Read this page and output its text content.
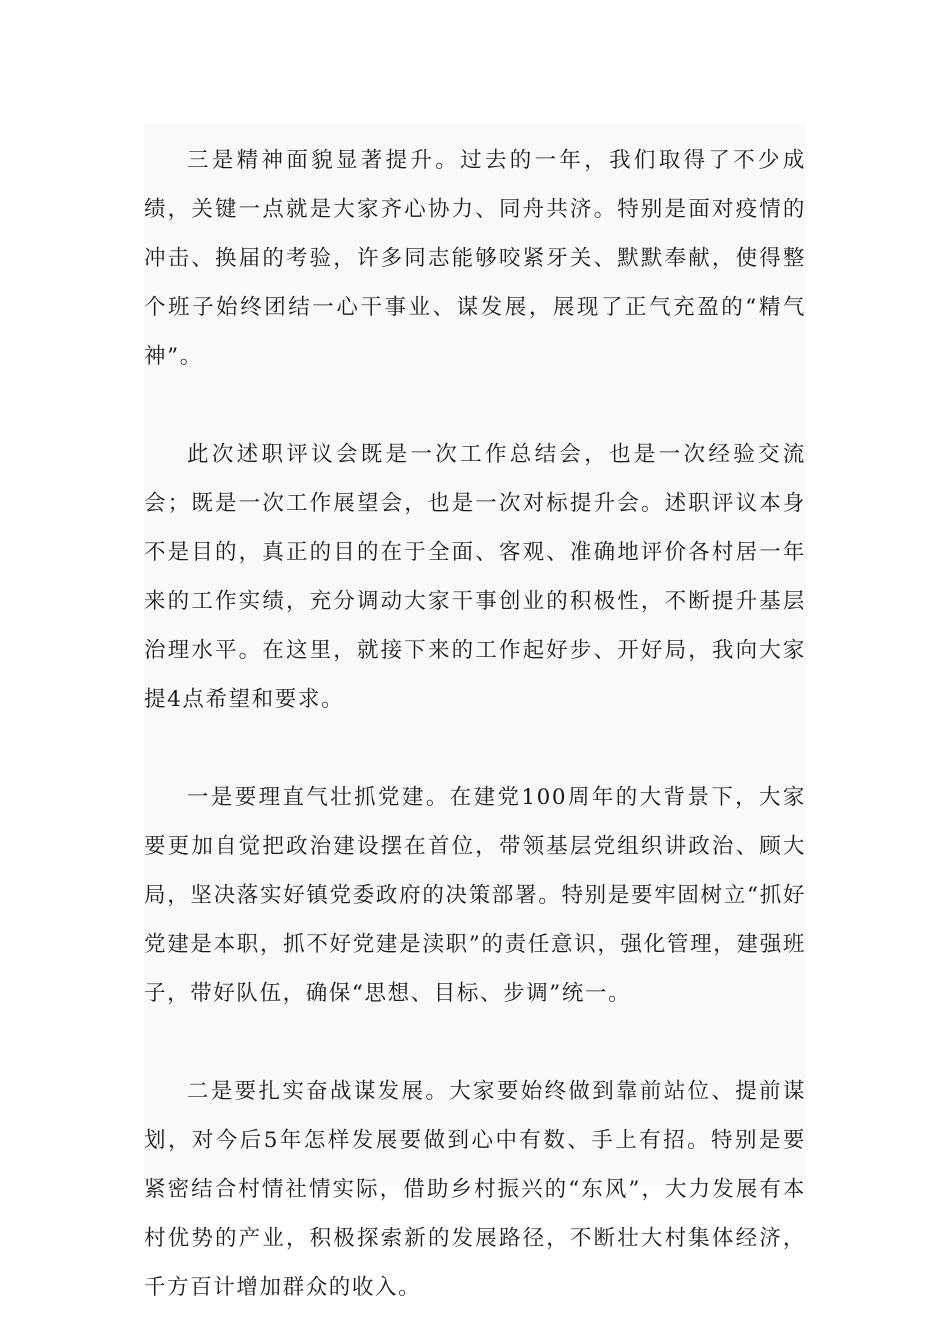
三是精神面貌显著提升。过去的一年，我们取得了不少成绩，关键一点就是大家齐心协力、同舟共济。特别是面对疫情的冲击、换届的考验，许多同志能够咬紧牙关、默默奉献，使得整个班子始终团结一心干事业、谋发展，展现了正气充盈的“精气神”。

此次述职评议会既是一次工作总结会，也是一次经验交流会；既是一次工作展望会，也是一次对标提升会。述职评议本身不是目的，真正的目的在于全面、客观、准确地评价各村居一年来的工作实绩，充分调动大家干事创业的积极性，不断提升基层治理水平。在这里，就接下来的工作起好步、开好局，我向大家提4点希望和要求。

一是要理直气壮抓党建。在建党100周年的大背景下，大家要更加自觉把政治建设摆在首位，带领基层党组织讲政治、顾大局，坚决落实好镇党委政府的决策部署。特别是要牢固树立“抓好党建是本职，抓不好党建是渎职”的责任意识，强化管理，建强班子，带好队伍，确保“思想、目标、步调”统一。

二是要扎实奋战谋发展。大家要始终做到靠前站位、提前谋划，对今后5年怎样发展要做到心中有数、手上有招。特别是要紧密结合村情社情实际，借助乡村振兴的“东风”，大力发展有本村优势的产业，积极探索新的发展路径，不断壮大村集体经济，千方百计增加群众的收入。
